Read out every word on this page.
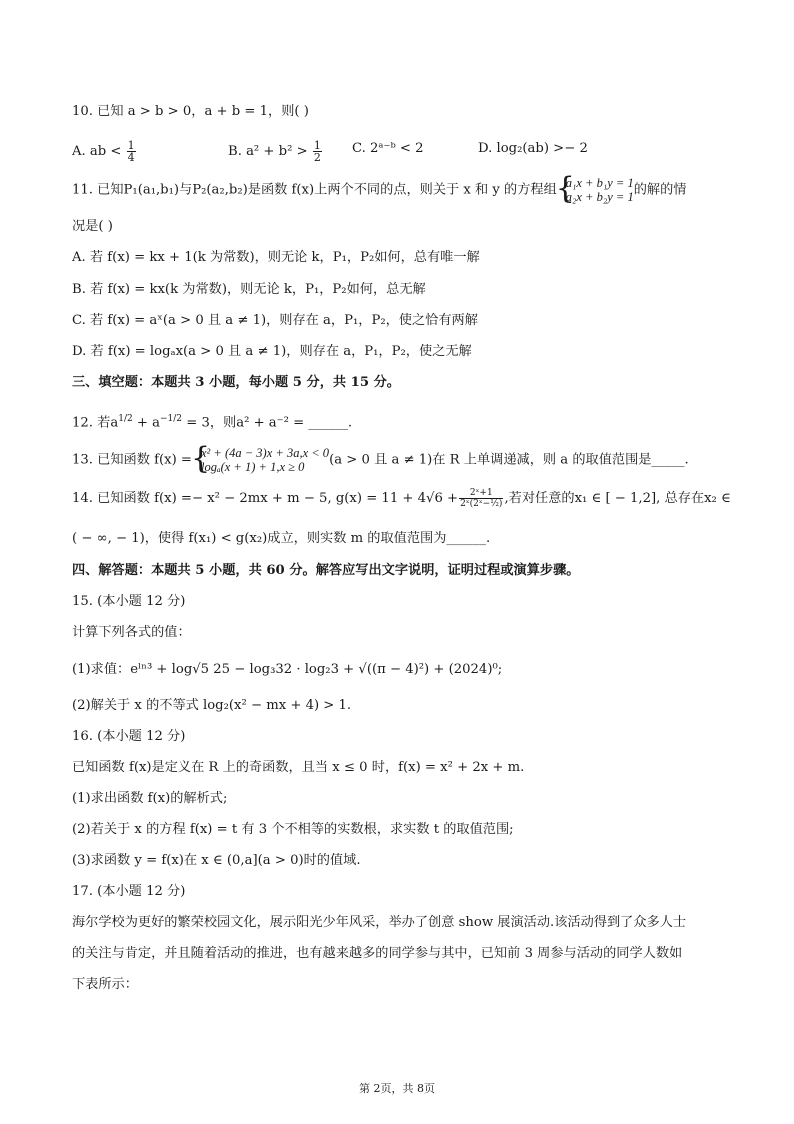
10. 已知 a > b > 0，a + b = 1，则( )
A. ab < $\frac{1}{4}$	B. $a^2 + b^2 > \frac{1}{2} C$. 2ᵃ⁻ᵇ < 2	D. log₂(ab) >− 2
11. 已知P₁(a₁,b₁)与P₂(a₂,b₂)是函数 f(x)上两个不同的点，则关于 x 和 y 的方程组 { a₁x + b₁y = 1
a₂x + b₂y = 1 的解的情
况是( )
A. 若 f(x) = kx + 1(k 为常数)，则无论 k，P₁，P₂如何，总有唯一解
B. 若 f(x) = kx(k 为常数)，则无论 k，P₁，P₂如何，总无解
C. 若 f(x) = aˣ(a > 0 且 a ≠ 1)，则存在 a，P₁，P₂，使之恰有两解
D. 若 f(x) = logₐx(a > 0 且 a ≠ 1)，则存在 a，P₁，P₂，使之无解
三、填空题：本题共 3 小题，每小题 5 分，共 15 分。
12. 若$a^{1/2} + a^{-1/2} = 3$，则a² + a⁻² = ______.
13. 已知函数 f(x) = { x² + (4a − 3)x + 3a,x < 0
logₐ(x + 1) + 1,x ≥ 0	(a > 0 且 a ≠ 1)在 R 上单调递减，则 a 的取值范围是_____.
14. 已知函数 f(x) =− x² − 2mx + m − 5, $g(x) = 11 + 4√6 + \frac{\text{2ˣ+1}}{\text{2ˣ(2ˣ−½)}}$ ,若对任意的x₁ ∈ [ − 1,2], 总存在x₂ ∈
( − ∞, − 1)，使得 f(x₁) < g(x₂)成立，则实数 m 的取值范围为______.
四、解答题：本题共 5 小题，共 60 分。解答应写出文字说明，证明过程或演算步骤。
15. (本小题 12 分)
计算下列各式的值：
(1)求值：eˡⁿ³ + log√5 25 − log₃32 · log₂3 + √((π − 4)²) + (2024)⁰;
(2)解关于 x 的不等式 log₂(x² − mx + 4) > 1.
16. (本小题 12 分)
已知函数 f(x)是定义在 R 上的奇函数，且当 x ≤ 0 时，f(x) = x² + 2x + m.
(1)求出函数 f(x)的解析式;
(2)若关于 x 的方程 f(x) = t 有 3 个不相等的实数根，求实数 t 的取值范围;
(3)求函数 y = f(x)在 x ∈ (0,a](a > 0)时的值域.
17. (本小题 12 分)
海尔学校为更好的繁荣校园文化，展示阳光少年风采，举办了创意 show 展演活动.该活动得到了众多人士
的关注与肯定，并且随着活动的推进，也有越来越多的同学参与其中，已知前 3 周参与活动的同学人数如
下表所示：
第 2页，共 8页
